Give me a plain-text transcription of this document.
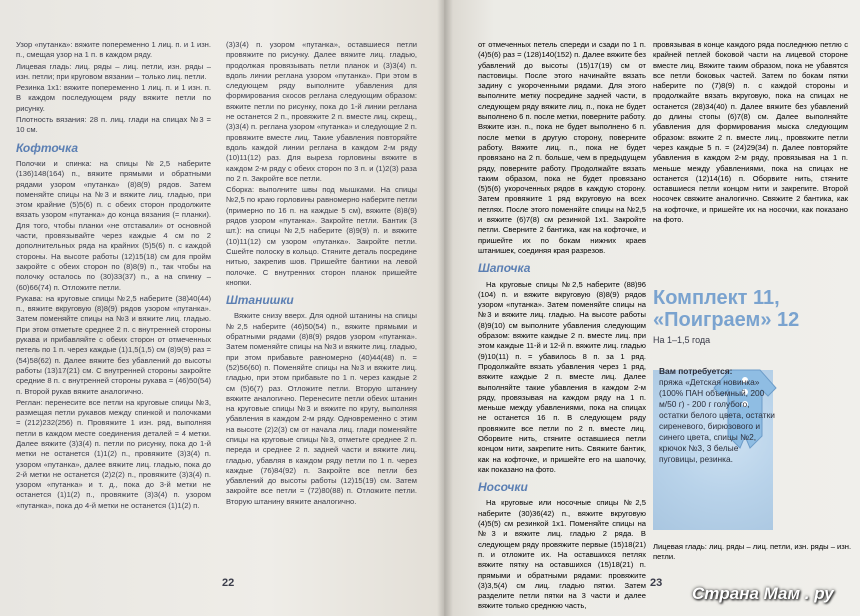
Узор «путанка»: вяжите попеременно 1 лиц. п. и 1 изн. п., смещая узор на 1 п. в каждом ряду.

Лицевая гладь: лиц. ряды – лиц. петли, изн. ряды – изн. петли; при круговом вязании – только лиц. петли.

Резинка 1x1: вяжите попеременно 1 лиц. п. и 1 изн. п. В каждом последующем ряду вяжите петли по рисунку.

Плотность вязания: 28 п. лиц. глади на спицах №3 = 10 см.

Кофточка

Полочки и спинка: на спицы №2,5 наберите (136)148(164) п., вяжите прямыми и обратными рядами узором «путанка» (8)8(9) рядов. Затем поменяйте спицы на №3 и вяжите лиц. гладью, при этом крайние (5)5(6) п. с обеих сторон продолжите вязать узором «путанка» до конца вязания (= планки). Для того, чтобы планки «не отставали» от основной части, провязывайте через каждые 4 см по 2 дополнительных ряда на крайних (5)5(6) п. с каждой стороны. На высоте работы (12)15(18) см для пройм закройте с обеих сторон по (8)8(9) п., так чтобы на полочку осталось по (30)33(37) п., а на спинку – (60)66(74) п. Отложите петли.

Рукава: на круговые спицы №2,5 наберите (38)40(44) п., вяжите вкруговую (8)8(9) рядов узором «путанка». Затем поменяйте спицы на №3 и вяжите лиц. гладью. При этом отметьте среднее 2 п. с внутренней стороны рукава и прибавляйте с обеих сторон от отмеченных петель по 1 п. через каждые (1)1,5(1,5) см (8)9(9) раз = (54)58(62) п. Далее вяжите без убавлений до высоты работы (13)17(21) см. С внутренней стороны закройте средние 8 п. с внутренней стороны рукава = (46)50(54) п. Второй рукав вяжите аналогично.

Реглан: перенесите все петли на круговые спицы №3, размещая петли рукавов между спинкой и полочками = (212)232(256) п. Провяжите 1 изн. ряд, выполняя петли в каждом месте соединения деталей = 4 метки. Далее вяжите (3)3(4) п. петли по рисунку, пока до 1-й метки не останется (1)1(2) п., провяжите (3)3(4) п. узором «путанка», далее вяжите лиц. гладью, пока до 2-й метки не останется (2)2(2) п., провяжите (3)3(4) п. узором «путанка» и т. д., пока до 3-й метки не останется (1)1(2) п., провяжите (3)3(4) п. узором «путанка», пока до 4-й метки не останется (1)1(2) п.

(3)3(4) п. узором «путанка», оставшиеся петли провяжите по рисунку. Далее вяжите лиц. гладью, продолжая провязывать петли планок и (3)3(4) п. вдоль линии реглана узором «путанка». При этом в следующем ряду выполните убавления для формирования скосов реглана следующим образом: вяжите петли по рисунку, пока до 1-й линии реглана не останется 2 п., провяжите 2 п. вместе лиц. скрещ., (3)3(4) п. реглана узором «путанка» и следующие 2 п. провяжите вместе лиц. Такие убавления повторяйте вдоль каждой линии реглана в каждом 2-м ряду (10)11(12) раз. Для выреза горловины вяжите в каждом 2-м ряду с обеих сторон по 3 п. и (1)2(3) раза по 2 п. Закройте все петли.

Сборка: выполните швы под мышками. На спицы №2,5 по краю горловины равномерно наберите петли (примерно по 16 п. на каждые 5 см), вяжите (8)8(9) рядов узором «путанка». Закройте петли. Бантик (3 шт.): на спицы №2,5 наберите (8)9(9) п. и вяжите (10)11(12) см узором «путанка». Закройте петли. Сшейте полоску в кольцо. Стяните деталь посредине нитью, закрепив шов. Пришейте бантики на левой полочке. С внутренних сторон планок пришейте кнопки.

Штанишки

Вяжите снизу вверх. Для одной штанины на спицы №2,5 наберите (46)50(54) п., вяжите прямыми и обратными рядами (8)8(9) рядов узором «путанка». Затем поменяйте спицы на №3 и вяжите лиц. гладью, при этом прибавьте равномерно (40)44(48) п. = (52)56(60) п. Поменяйте спицы на №3 и вяжите лиц. гладью, при этом прибавьте по 1 п. через каждые 2 см (5)6(7) раз. Отложите петли. Вторую штанину вяжите аналогично. Перенесите петли обеих штанин на круговые спицы №3 и вяжите по кругу, выполняя убавления в каждом 2-м ряду. Одновременно с этим на высоте (2)2(3) см от начала лиц. глади поменяйте спицы на круговые спицы №3, отметьте среднее 2 п. переда и среднее 2 п. задней части и вяжите лиц. гладью, убавляя в каждом ряду петли по 1 п. через каждые (76)84(92) п. Закройте все петли без убавлений до высоты работы (12)15(19) см. Затем закройте все петли = (72)80(88) п. Отложите петли. Вторую штанину вяжите аналогично.

22

от отмеченных петель спереди и сзади по 1 п. (4)5(6) раз = (128)140(152) п. Далее вяжите без убавлений до высоты (15)17(19) см от пастовицы. После этого начинайте вязать задину с укороченными рядами. Для этого выполните метку посредине задней части, в следующем ряду вяжите лиц. п., пока не будет выполнено 6 п. после метки, поверните работу. Вяжите изн. п., пока не будет выполнено 6 п. после метки в другую сторону, поверните работу. Вяжите лиц. п., пока не будет провязано на 2 п. больше, чем в предыдущем ряду, поверните работу. Продолжайте вязать таким образом, пока не будет провязано (5)5(6) укороченных рядов в каждую сторону. Затем провяжите 1 ряд вкруговую на всех петлях. После этого поменяйте спицы на №2,5 и вяжите (6)7(8) см резинкой 1x1. Закройте петли. Сверните 2 бантика, как на кофточке, и пришейте их по бокам нижних краев штанишек, соединяя края разрезов.

Шапочка

На круговые спицы №2,5 наберите (88)96 (104) п. и вяжите вкруговую (8)8(9) рядов узором «путанка». Затем поменяйте спицы на №3 и вяжите лиц. гладью. На высоте работы (8)9(10) см выполните убавления следующим образом: вяжите каждые 2 п. вместе лиц. при этом каждые 11-й и 12-й п. вяжите лиц. гладью (9)10(11) п. = убавилось 8 п. за 1 ряд. Продолжайте вязать убавления через 1 ряд, вяжите каждые 2 п. вместе лиц. Далее выполняйте такие убавления в каждом 2-м ряду, провязывая на каждом ряду на 1 п. меньше между убавлениями, пока на спицах не останется 16 п. В следующем ряду провяжите все петли по 2 п. вместе лиц. Оборвите нить, стяните оставшиеся петли концом нити, закрепите нить. Свяжите бантик, как на кофточке, и пришейте его на шапочку, как показано на фото.

Носочки

На круговые или носочные спицы №2,5 наберите (30)36(42) п., вяжите вкруговую (4)5(5) см резинкой 1x1. Поменяйте спицы на №3 и вяжите лиц. гладью 2 ряда. В следующем ряду провяжите первые (15)18(21) п. и отложите их. На оставшихся петлях вяжите пятку на оставшихся (15)18(21) п. прямыми и обратными рядами: провяжите (3)3,5(4) см лиц. гладью пятки. Затем разделите петли пятки на 3 части и далее вяжите только среднюю часть,

провязывая в конце каждого ряда последнюю петлю с крайней петлей боковой части на лицевой стороне вместе лиц. Вяжите таким образом, пока не убавятся все петли боковых частей. Затем по бокам пятки наберите по (7)8(9) п. с каждой стороны и продолжайте вязать вкруговую, пока на спицах не останется (28)34(40) п. Далее вяжите без убавлений до длины стопы (6)7(8) см. Далее выполняйте убавления для формирования мыска следующим образом: вяжите 2 п. вместе лиц., провяжите петли через каждые 5 п. = (24)29(34) п. Далее повторяйте убавления в каждом 2-м ряду, провязывая на 1 п. меньше между убавлениями, пока на спицах не останется (12)14(16) п. Оборвите нить, стяните оставшиеся петли концом нити и закрепите. Второй носочек свяжите аналогично. Свяжите 2 бантика, как на кофточке, и пришейте их на носочки, как показано на фото.

Комплект 11,
«Поиграем» 12
На 1–1,5 года
Вам потребуется:
пряжа «Детская новинка» (100% ПАН объемный, 200 м/50 г) - 200 г голубого, остатки белого цвета, остатки сиреневого, бирюзового и синего цвета, спицы №2, крючок №3, 3 белые пуговицы, резинка.
Лицевая гладь: лиц. ряды – лиц. петли, изн. ряды – изн. петли.
23
Страна Мам . ру
